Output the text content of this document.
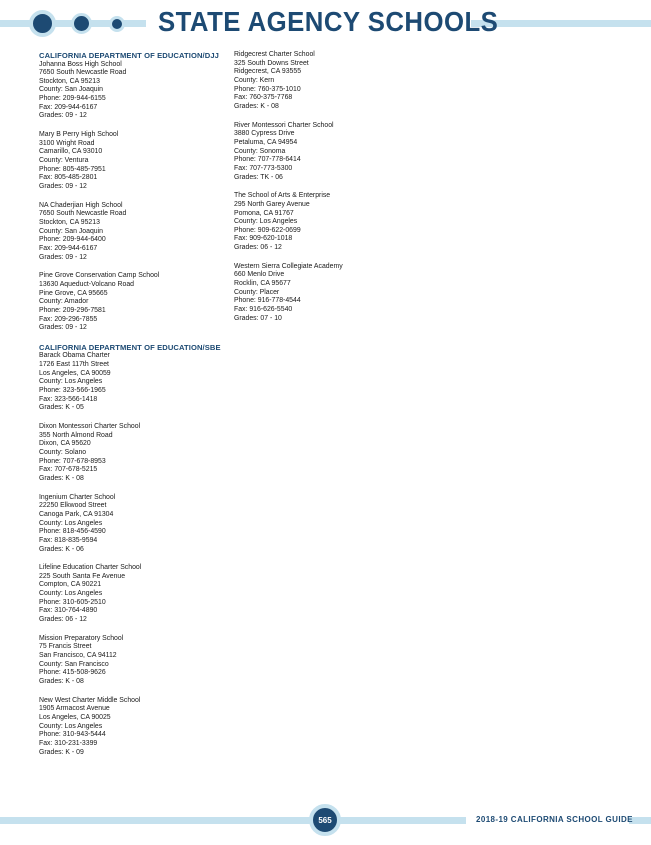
STATE AGENCY SCHOOLS
CALIFORNIA DEPARTMENT OF EDUCATION/DJJ
Johanna Boss High School
7650 South Newcastle Road
Stockton, CA 95213
County: San Joaquin
Phone: 209-944-6155
Fax: 209-944-6167
Grades: 09 - 12
Mary B Perry High School
3100 Wright Road
Camarillo, CA 93010
County: Ventura
Phone: 805-485-7951
Fax: 805-485-2801
Grades: 09 - 12
NA Chaderjian High School
7650 South Newcastle Road
Stockton, CA 95213
County: San Joaquin
Phone: 209-944-6400
Fax: 209-944-6167
Grades: 09 - 12
Pine Grove Conservation Camp School
13630 Aqueduct-Volcano Road
Pine Grove, CA 95665
County: Amador
Phone: 209-296-7581
Fax: 209-296-7855
Grades: 09 - 12
CALIFORNIA DEPARTMENT OF EDUCATION/SBE
Barack Obama Charter
1726 East 117th Street
Los Angeles, CA 90059
County: Los Angeles
Phone: 323-566-1965
Fax: 323-566-1418
Grades: K - 05
Dixon Montessori Charter School
355 North Almond Road
Dixon, CA 95620
County: Solano
Phone: 707-678-8953
Fax: 707-678-5215
Grades: K - 08
Ingenium Charter School
22250 Elkwood Street
Canoga Park, CA 91304
County: Los Angeles
Phone: 818-456-4590
Fax: 818-835-9594
Grades: K - 06
Lifeline Education Charter School
225 South Santa Fe Avenue
Compton, CA 90221
County: Los Angeles
Phone: 310-605-2510
Fax: 310-764-4890
Grades: 06 - 12
Mission Preparatory School
75 Francis Street
San Francisco, CA 94112
County: San Francisco
Phone: 415-508-9626
Grades: K - 08
New West Charter Middle School
1905 Armacost Avenue
Los Angeles, CA 90025
County: Los Angeles
Phone: 310-943-5444
Fax: 310-231-3399
Grades: K - 09
Ridgecrest Charter School
325 South Downs Street
Ridgecrest, CA 93555
County: Kern
Phone: 760-375-1010
Fax: 760-375-7768
Grades: K - 08
River Montessori Charter School
3880 Cypress Drive
Petaluma, CA 94954
County: Sonoma
Phone: 707-778-6414
Fax: 707-773-5300
Grades: TK - 06
The School of Arts & Enterprise
295 North Garey Avenue
Pomona, CA 91767
County: Los Angeles
Phone: 909-622-0699
Fax: 909-620-1018
Grades: 06 - 12
Western Sierra Collegiate Academy
660 Menlo Drive
Rocklin, CA 95677
County: Placer
Phone: 916-778-4544
Fax: 916-626-5540
Grades: 07 - 10
565	2018-19 CALIFORNIA SCHOOL GUIDE
